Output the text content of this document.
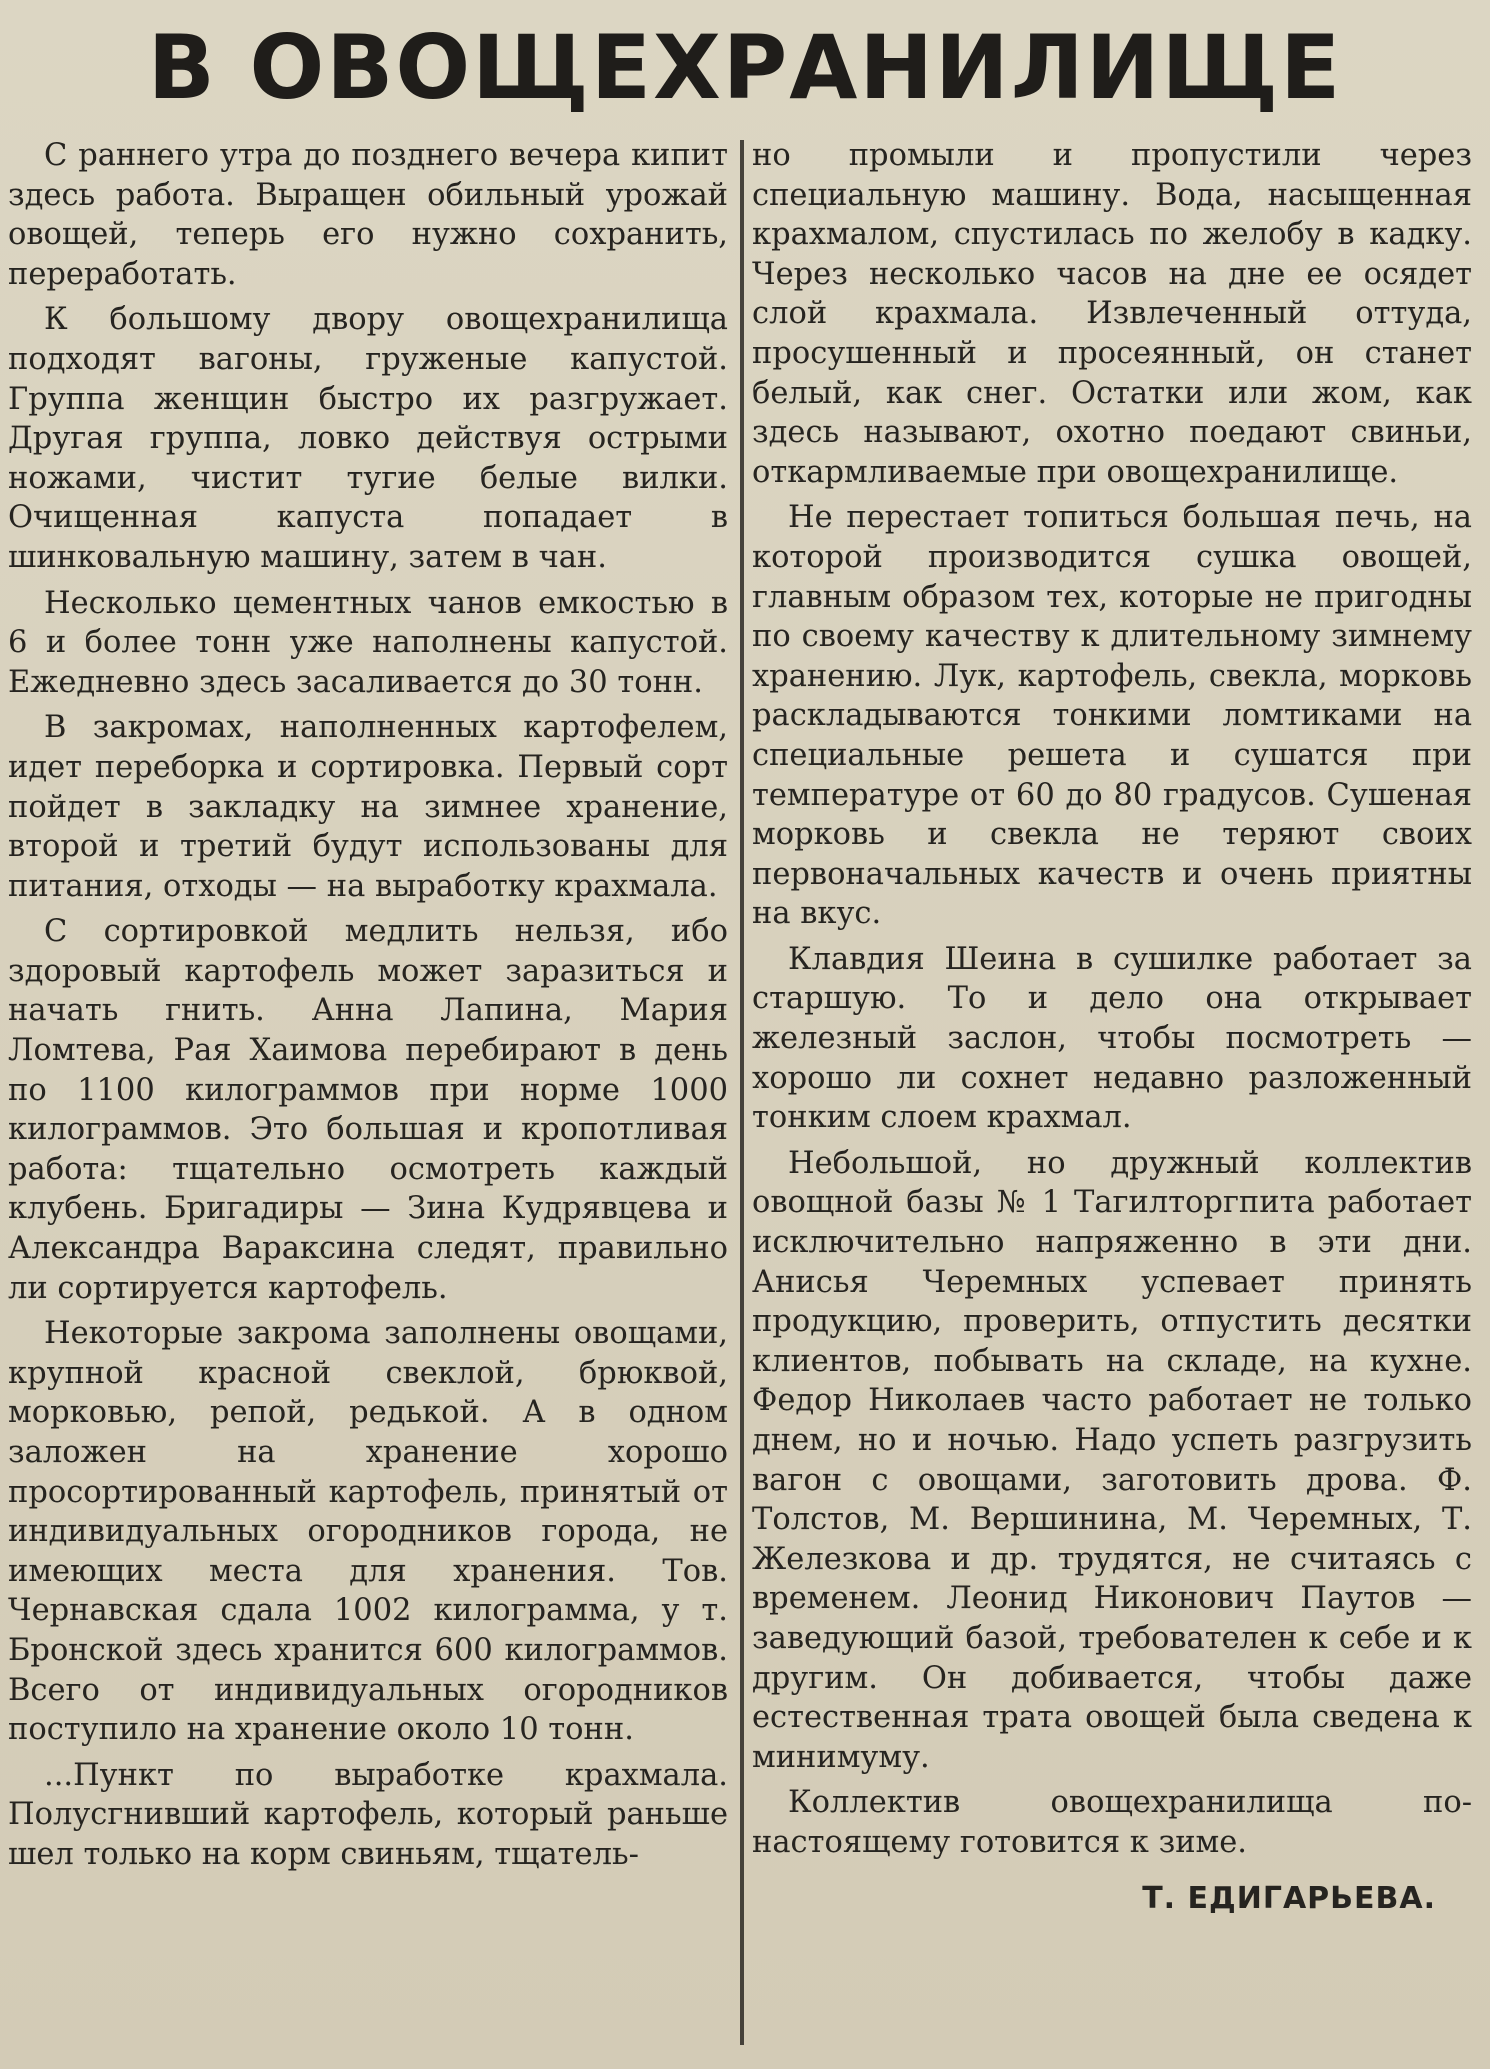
В ОВОЩЕХРАНИЛИЩЕ

С раннего утра до позднего вечера кипит здесь работа. Выращен обильный урожай овощей, теперь его нужно сохранить, переработать.

К большому двору овощехранилища подходят вагоны, груженые капустой. Группа женщин быстро их разгружает. Другая группа, ловко действуя острыми ножами, чистит тугие белые вилки. Очищенная капуста попадает в шинковальную машину, затем в чан.

Несколько цементных чанов емкостью в 6 и более тонн уже наполнены капустой. Ежедневно здесь засаливается до 30 тонн.

В закромах, наполненных картофелем, идет переборка и сортировка. Первый сорт пойдет в закладку на зимнее хранение, второй и третий будут использованы для питания, отходы — на выработку крахмала.

С сортировкой медлить нельзя, ибо здоровый картофель может заразиться и начать гнить. Анна Лапина, Мария Ломтева, Рая Хаимова перебирают в день по 1100 килограммов при норме 1000 килограммов. Это большая и кропотливая работа: тщательно осмотреть каждый клубень. Бригадиры — Зина Кудрявцева и Александра Вараксина следят, правильно ли сортируется картофель.

Некоторые закрома заполнены овощами, крупной красной свеклой, брюквой, морковью, репой, редькой. А в одном заложен на хранение хорошо просортированный картофель, принятый от индивидуальных огородников города, не имеющих места для хранения. Тов. Чернавская сдала 1002 килограмма, у т. Бронской здесь хранится 600 килограммов. Всего от индивидуальных огородников поступило на хранение около 10 тонн.

...Пункт по выработке крахмала. Полусгнивший картофель, который раньше шел только на корм свиньям, тщатель-

но промыли и пропустили через специальную машину. Вода, насыщенная крахмалом, спустилась по желобу в кадку. Через несколько часов на дне ее осядет слой крахмала. Извлеченный оттуда, просушенный и просеянный, он станет белый, как снег. Остатки или жом, как здесь называют, охотно поедают свиньи, откармливаемые при овощехранилище.

Не перестает топиться большая печь, на которой производится сушка овощей, главным образом тех, которые не пригодны по своему качеству к длительному зимнему хранению. Лук, картофель, свекла, морковь раскладываются тонкими ломтиками на специальные решета и сушатся при температуре от 60 до 80 градусов. Сушеная морковь и свекла не теряют своих первоначальных качеств и очень приятны на вкус.

Клавдия Шеина в сушилке работает за старшую. То и дело она открывает железный заслон, чтобы посмотреть — хорошо ли сохнет недавно разложенный тонким слоем крахмал.

Небольшой, но дружный коллектив овощной базы № 1 Тагилторгпита работает исключительно напряженно в эти дни. Анисья Черемных успевает принять продукцию, проверить, отпустить десятки клиентов, побывать на складе, на кухне. Федор Николаев часто работает не только днем, но и ночью. Надо успеть разгрузить вагон с овощами, заготовить дрова. Ф. Толстов, М. Вершинина, М. Черемных, Т. Железкова и др. трудятся, не считаясь с временем. Леонид Никонович Паутов — заведующий базой, требователен к себе и к другим. Он добивается, чтобы даже естественная трата овощей была сведена к минимуму.

Коллектив овощехранилища по-настоящему готовится к зиме.

Т. ЕДИГАРЬЕВА.
